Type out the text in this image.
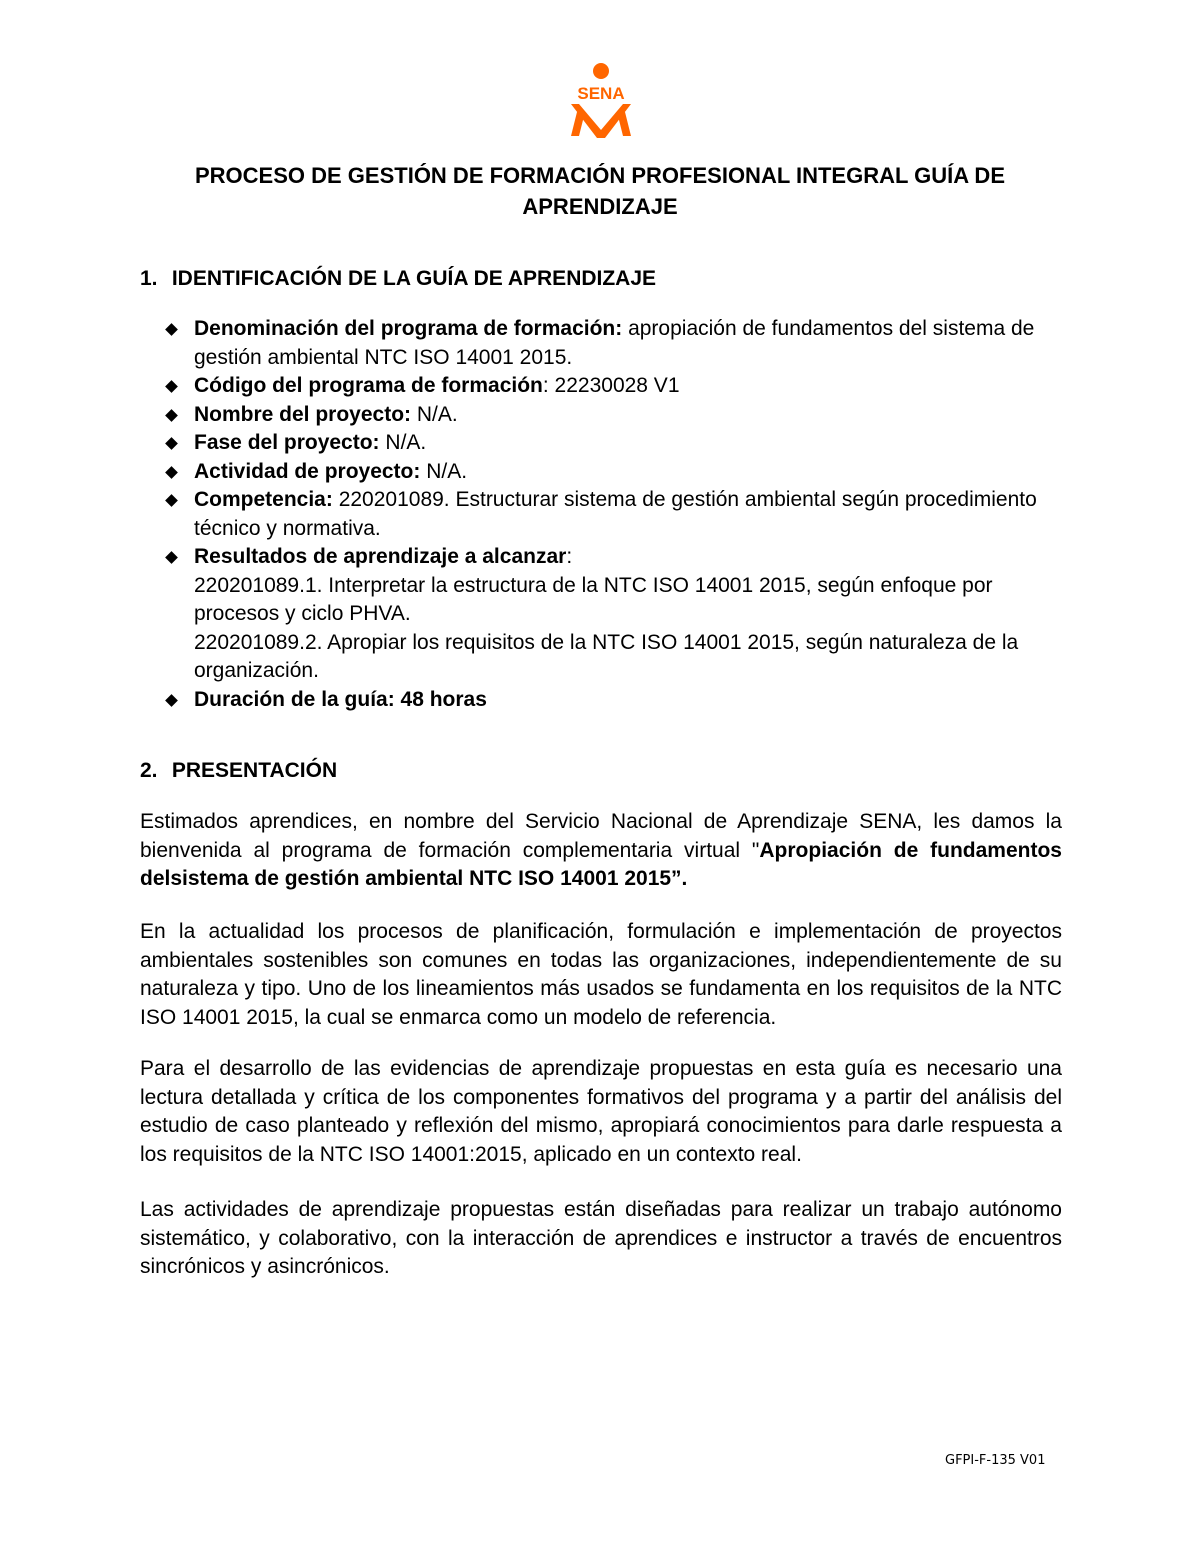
SENA
PROCESO DE GESTIÓN DE FORMACIÓN PROFESIONAL INTEGRAL GUÍA DE APRENDIZAJE
1. IDENTIFICACIÓN DE LA GUÍA DE APRENDIZAJE
Denominación del programa de formación: apropiación de fundamentos del sistema de gestión ambiental NTC ISO 14001 2015.
Código del programa de formación: 22230028 V1
Nombre del proyecto: N/A.
Fase del proyecto: N/A.
Actividad de proyecto: N/A.
Competencia: 220201089. Estructurar sistema de gestión ambiental según procedimiento técnico y normativa.
Resultados de aprendizaje a alcanzar:
220201089.1. Interpretar la estructura de la NTC ISO 14001 2015, según enfoque por procesos y ciclo PHVA.
220201089.2. Apropiar los requisitos de la NTC ISO 14001 2015, según naturaleza de la organización.
Duración de la guía: 48 horas
2. PRESENTACIÓN

Estimados aprendices, en nombre del Servicio Nacional de Aprendizaje SENA, les damos la bienvenida al programa de formación complementaria virtual "Apropiación de fundamentos delsistema de gestión ambiental NTC ISO 14001 2015”.

En la actualidad los procesos de planificación, formulación e implementación de proyectos ambientales sostenibles son comunes en todas las organizaciones, independientemente de su naturaleza y tipo. Uno de los lineamientos más usados se fundamenta en los requisitos de la NTC ISO 14001 2015, la cual se enmarca como un modelo de referencia.

Para el desarrollo de las evidencias de aprendizaje propuestas en esta guía es necesario una lectura detallada y crítica de los componentes formativos del programa y a partir del análisis del estudio de caso planteado y reflexión del mismo, apropiará conocimientos para darle respuesta a los requisitos de la NTC ISO 14001:2015, aplicado en un contexto real.

Las actividades de aprendizaje propuestas están diseñadas para realizar un trabajo autónomo sistemático, y colaborativo, con la interacción de aprendices e instructor a través de encuentros sincrónicos y asincrónicos.

GFPI-F-135 V01
